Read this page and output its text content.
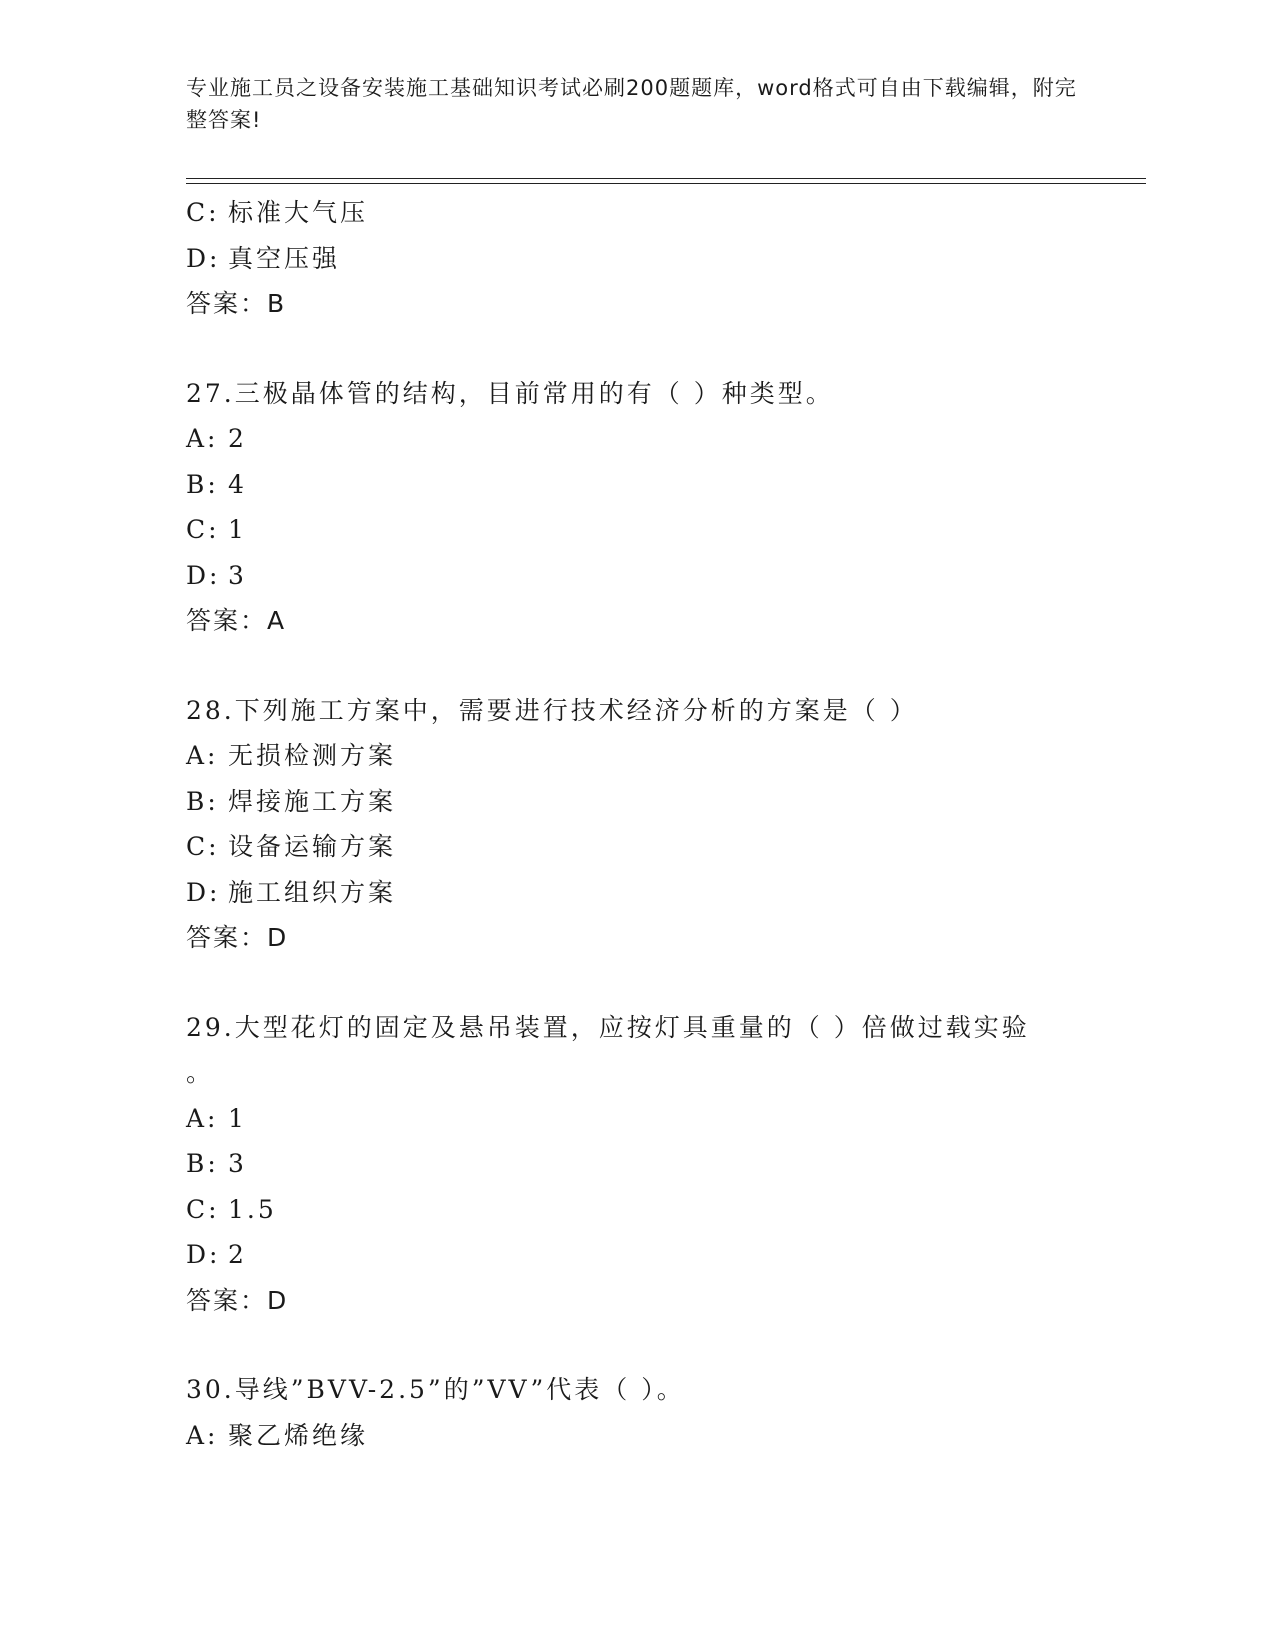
专业施工员之设备安装施工基础知识考试必刷200题题库，word格式可自由下载编辑，附完整答案!
C: 标准大气压
D: 真空压强
答案：B
27.三极晶体管的结构，目前常用的有（ ）种类型。
A: 2
B: 4
C: 1
D: 3
答案：A
28.下列施工方案中，需要进行技术经济分析的方案是（ ）
A: 无损检测方案
B: 焊接施工方案
C: 设备运输方案
D: 施工组织方案
答案：D
29.大型花灯的固定及悬吊装置，应按灯具重量的（ ）倍做过载实验
。
A: 1
B: 3
C: 1.5
D: 2
答案：D
30.导线”BVV-2.5”的”VV”代表（ ）。
A: 聚乙烯绝缘
